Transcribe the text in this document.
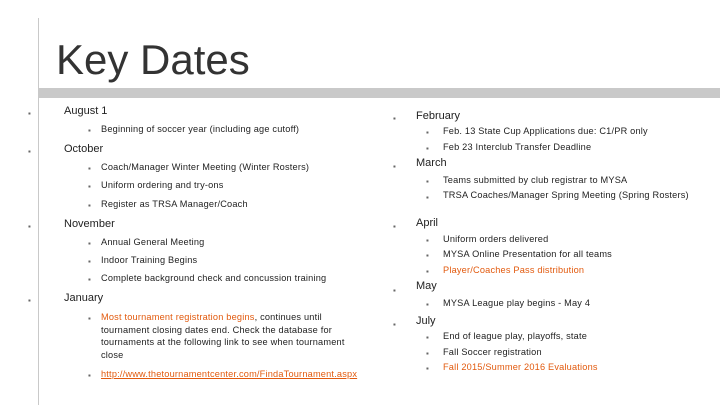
Key Dates
▪	August 1
▪ Beginning of soccer year (including age cutoff)
▪	October
▪ Coach/Manager Winter Meeting (Winter Rosters)
▪ Uniform ordering and try-ons
▪ Register as TRSA Manager/Coach
▪	November
▪ Annual General Meeting
▪ Indoor Training Begins
▪ Complete background check and concussion training
▪	January
▪ Most tournament registration begins, continues until tournament closing dates end. Check the database for tournaments at the following link to see when tournament close
▪ http://www.thetournamentcenter.com/FindaTournament.aspx
▪ February
▪ Feb. 13 State Cup Applications due: C1/PR only
▪ Feb 23 Interclub Transfer Deadline
▪ March
▪ Teams submitted by club registrar to MYSA
▪ TRSA Coaches/Manager Spring Meeting (Spring Rosters)
▪ April
▪ Uniform orders delivered
▪ MYSA Online Presentation for all teams
▪ Player/Coaches Pass distribution
▪ May
▪ MYSA League play begins - May 4
▪ July
▪ End of league play, playoffs, state
▪ Fall Soccer registration
▪ Fall 2015/Summer 2016 Evaluations
